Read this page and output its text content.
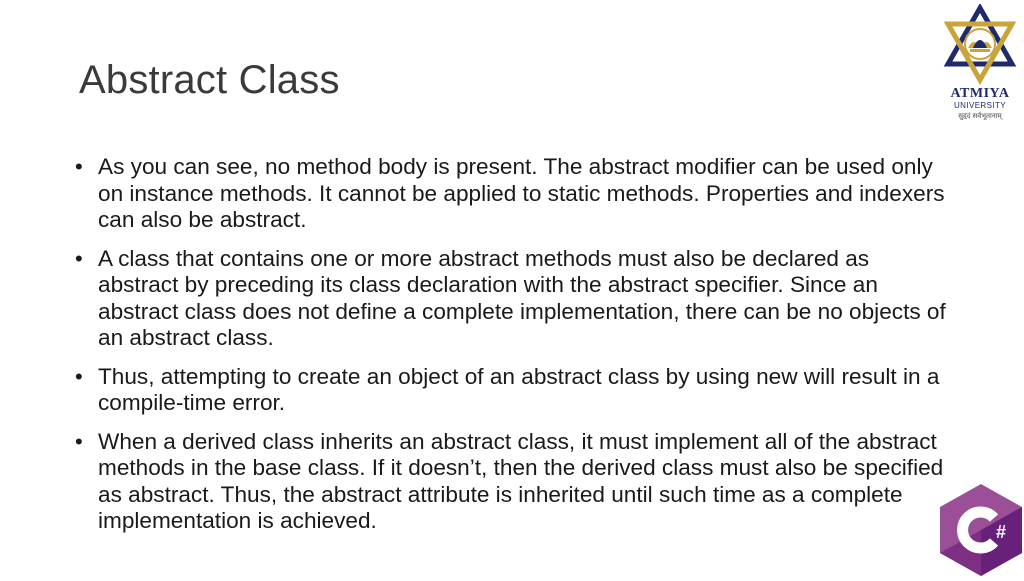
Abstract Class
• As you can see, no method body is present. The abstract modifier can be used only on instance methods. It cannot be applied to static methods. Properties and indexers can also be abstract.
• A class that contains one or more abstract methods must also be declared as abstract by preceding its class declaration with the abstract specifier. Since an abstract class does not define a complete implementation, there can be no objects of an abstract class.
• Thus, attempting to create an object of an abstract class by using new will result in a compile-time error.
• When a derived class inherits an abstract class, it must implement all of the abstract methods in the base class. If it doesn’t, then the derived class must also be specified as abstract. Thus, the abstract attribute is inherited until such time as a complete implementation is achieved.
ATMIYA
UNIVERSITY
सुहृदं सर्वभूतानाम्
#
